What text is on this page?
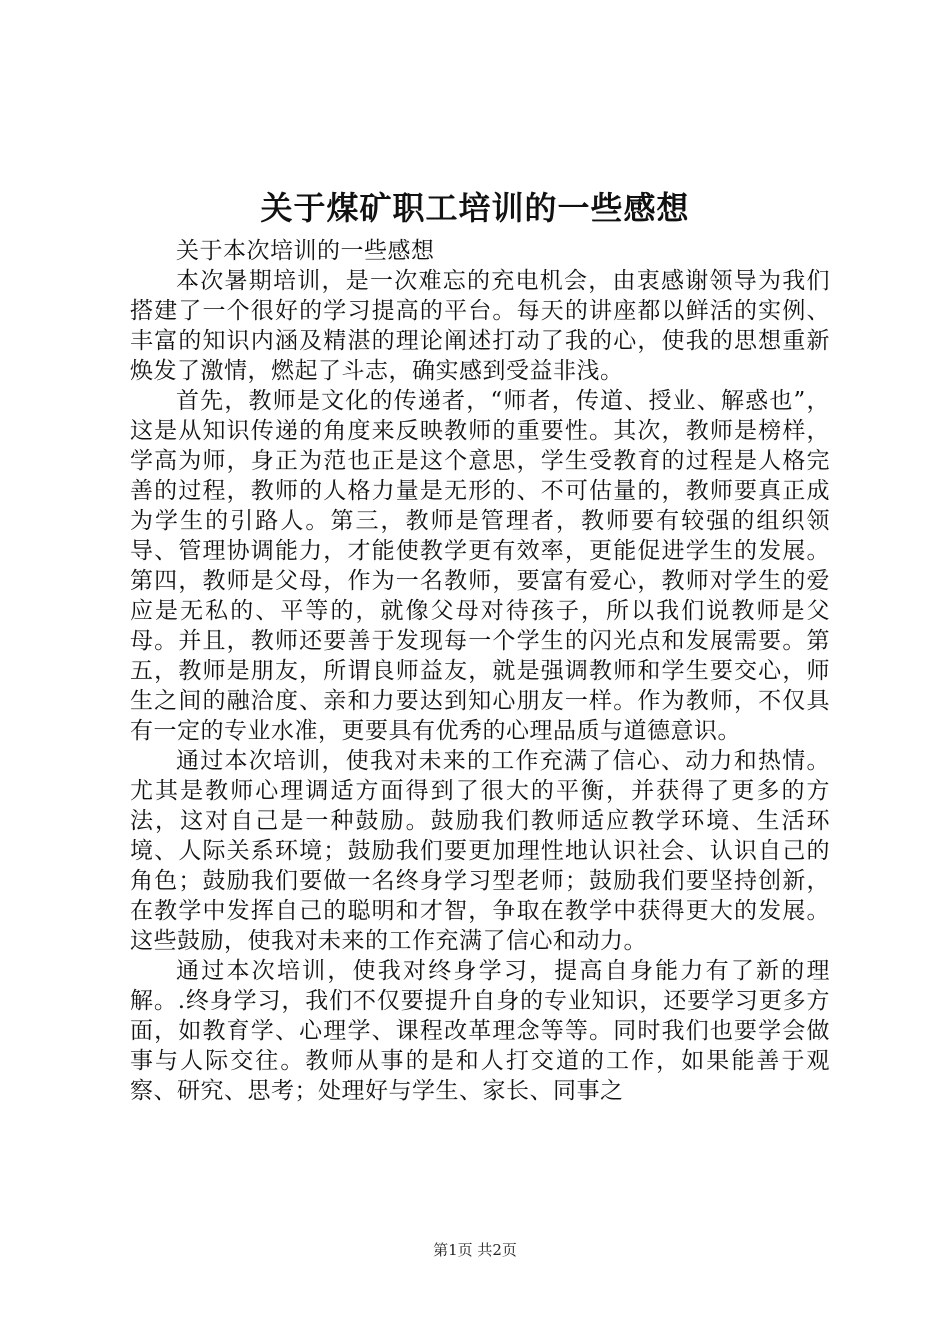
关于煤矿职工培训的一些感想

关于本次培训的一些感想

本次暑期培训，是一次难忘的充电机会，由衷感谢领导为我们搭建了一个很好的学习提高的平台。每天的讲座都以鲜活的实例、丰富的知识内涵及精湛的理论阐述打动了我的心，使我的思想重新焕发了激情，燃起了斗志，确实感到受益非浅。

首先，教师是文化的传递者，“师者，传道、授业、解惑也”，这是从知识传递的角度来反映教师的重要性。其次，教师是榜样，学高为师，身正为范也正是这个意思，学生受教育的过程是人格完善的过程，教师的人格力量是无形的、不可估量的，教师要真正成为学生的引路人。第三，教师是管理者，教师要有较强的组织领导、管理协调能力，才能使教学更有效率，更能促进学生的发展。第四，教师是父母，作为一名教师，要富有爱心，教师对学生的爱应是无私的、平等的，就像父母对待孩子，所以我们说教师是父母。并且，教师还要善于发现每一个学生的闪光点和发展需要。第五，教师是朋友，所谓良师益友，就是强调教师和学生要交心，师生之间的融洽度、亲和力要达到知心朋友一样。作为教师，不仅具有一定的专业水准，更要具有优秀的心理品质与道德意识。

通过本次培训，使我对未来的工作充满了信心、动力和热情。尤其是教师心理调适方面得到了很大的平衡，并获得了更多的方法，这对自己是一种鼓励。鼓励我们教师适应教学环境、生活环境、人际关系环境；鼓励我们要更加理性地认识社会、认识自己的角色；鼓励我们要做一名终身学习型老师；鼓励我们要坚持创新，在教学中发挥自己的聪明和才智，争取在教学中获得更大的发展。这些鼓励，使我对未来的工作充满了信心和动力。

通过本次培训，使我对终身学习，提高自身能力有了新的理解。.终身学习，我们不仅要提升自身的专业知识，还要学习更多方面，如教育学、心理学、课程改革理念等等。同时我们也要学会做事与人际交往。教师从事的是和人打交道的工作，如果能善于观察、研究、思考；处理好与学生、家长、同事之

第1页 共2页
